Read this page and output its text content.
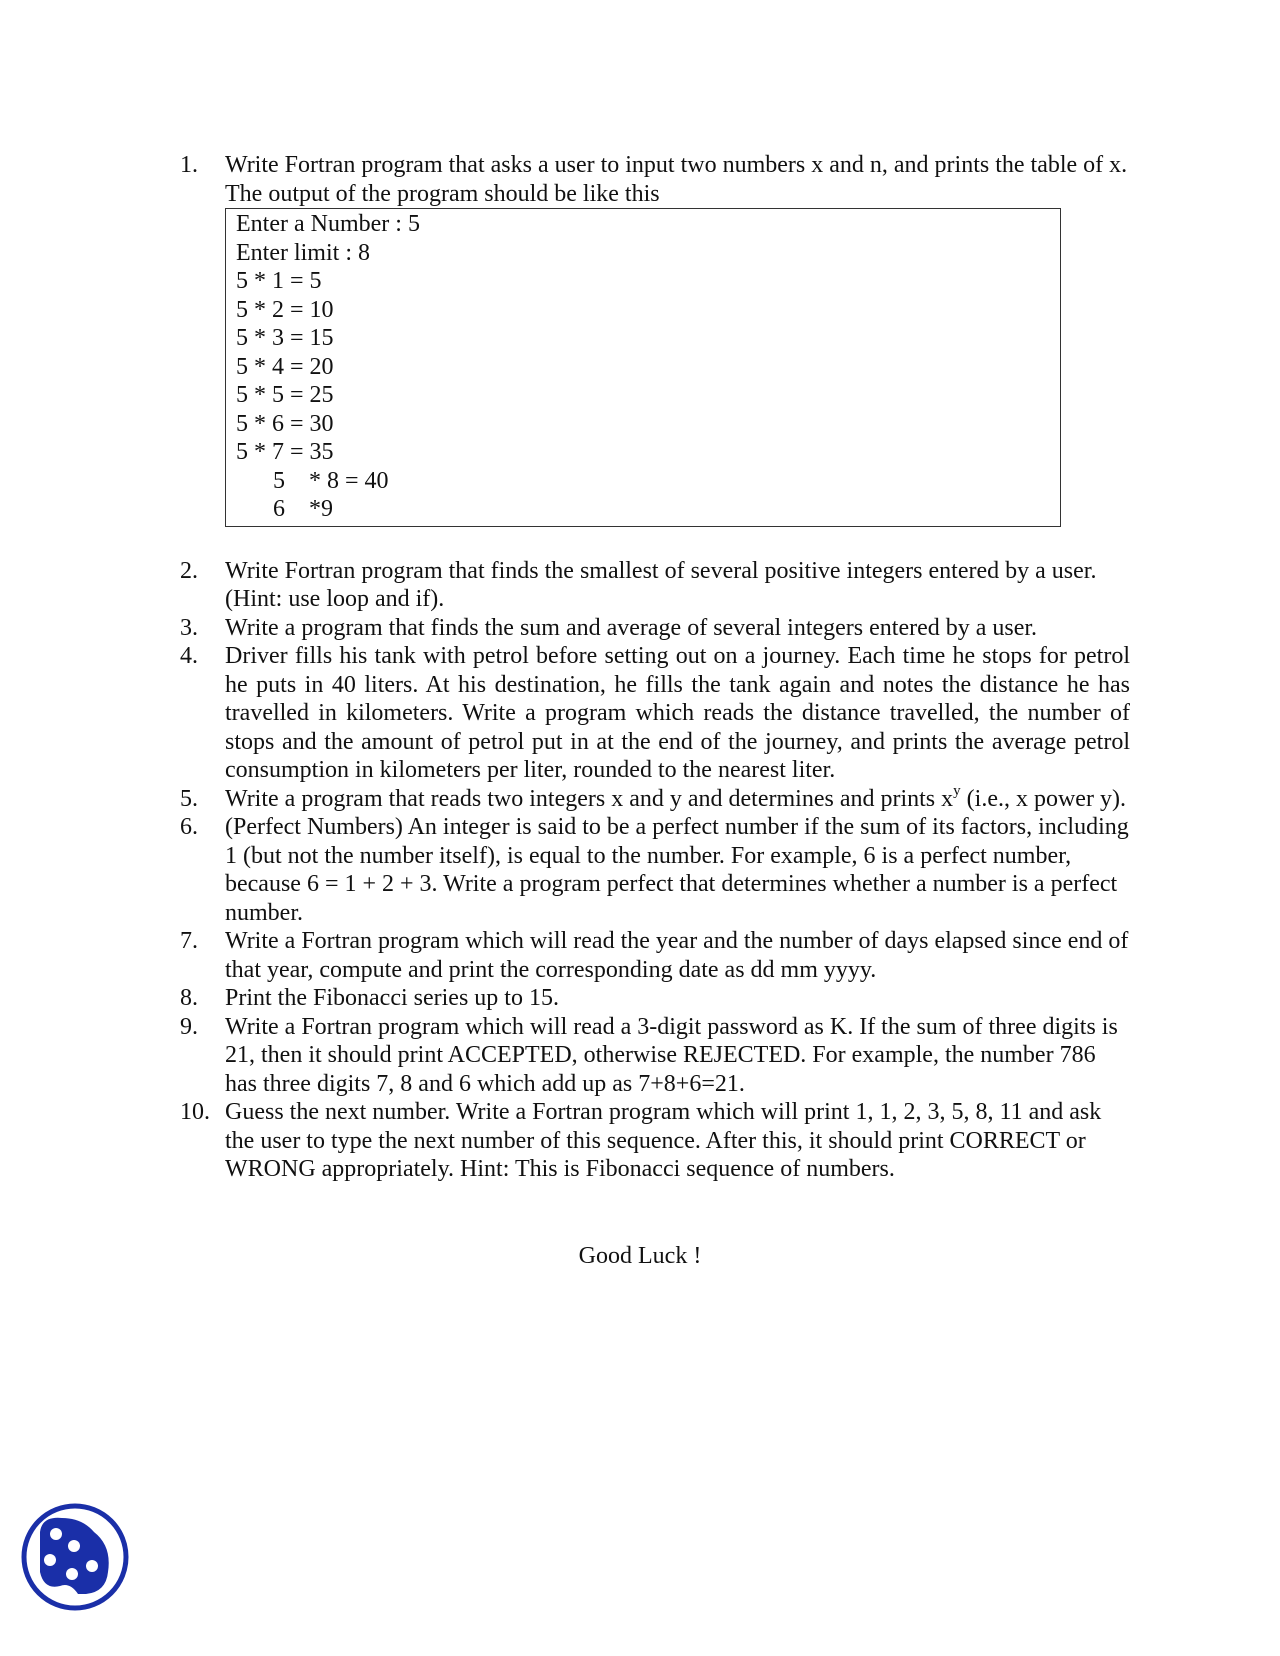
1. Write Fortran program that asks a user to input two numbers x and n, and prints the table of x. The output of the program should be like this
Enter a Number : 5
Enter limit : 8
5 * 1 = 5
5 * 2 = 10
5 * 3 = 15
5 * 4 = 20
5 * 5 = 25
5 * 6 = 30
5 * 7 = 35
5    * 8 = 40
6    *9
2. Write Fortran program that finds the smallest of several positive integers entered by a user. (Hint: use loop and if).
3. Write a program that finds the sum and average of several integers entered by a user.
4. Driver fills his tank with petrol before setting out on a journey. Each time he stops for petrol he puts in 40 liters. At his destination, he fills the tank again and notes the distance he has travelled in kilometers. Write a program which reads the distance travelled, the number of stops and the amount of petrol put in at the end of the journey, and prints the average petrol consumption in kilometers per liter, rounded to the nearest liter.
5. Write a program that reads two integers x and y and determines and prints $x^y$ (i.e., x power y).
6. (Perfect Numbers) An integer is said to be a perfect number if the sum of its factors, including 1 (but not the number itself), is equal to the number. For example, 6 is a perfect number, because 6 = 1 + 2 + 3. Write a program perfect that determines whether a number is a perfect number.
7. Write a Fortran program which will read the year and the number of days elapsed since end of that year, compute and print the corresponding date as dd mm yyyy.
8. Print the Fibonacci series up to 15.
9. Write a Fortran program which will read a 3-digit password as K. If the sum of three digits is 21, then it should print ACCEPTED, otherwise REJECTED. For example, the number 786 has three digits 7, 8 and 6 which add up as 7+8+6=21.
10. Guess the next number. Write a Fortran program which will print 1, 1, 2, 3, 5, 8, 11 and ask the user to type the next number of this sequence. After this, it should print CORRECT or WRONG appropriately. Hint: This is Fibonacci sequence of numbers.
Good Luck !
